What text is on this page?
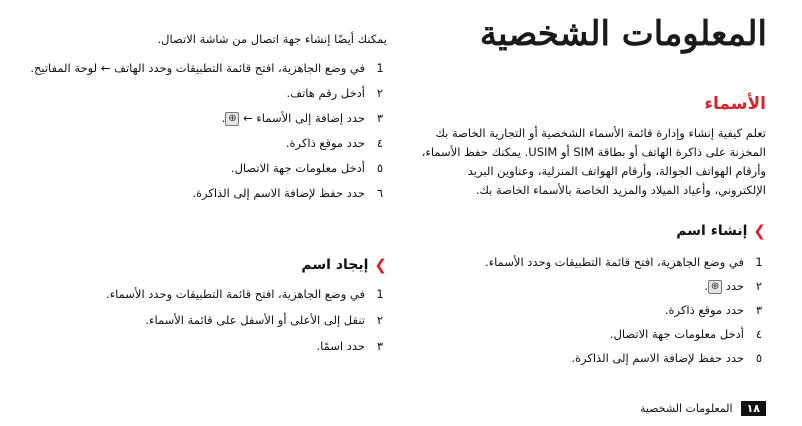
المعلومات الشخصية
الأسماء
تعلم كيفية إنشاء وإدارة قائمة الأسماء الشخصية أو التجارية الخاصة بك المخزنة على ذاكرة الهاتف أو بطاقة SIM أو USIM. يمكنك حفظ الأسماء، وأرقام الهواتف الجوالة، وأرقام الهواتف المنزلية، وعناوين البريد الإلكتروني، وأعياد الميلاد والمزيد الخاصة بالأسماء الخاصة بك.
❯
إنشاء اسم
1
في وضع الجاهزية، افتح قائمة التطبيقات وحدد الأسماء.
٢
حدد ⊕.
٣
حدد موقع ذاكرة.
٤
أدخل معلومات جهة الاتصال.
٥
حدد حفظ لإضافة الاسم إلى الذاكرة.
١٨
المعلومات الشخصية
يمكنك أيضًا إنشاء جهة اتصال من شاشة الاتصال.
1
في وضع الجاهزية، افتح قائمة التطبيقات وحدد الهاتف ← لوحة المفاتيح.
٢
أدخل رقم هاتف.
٣
حدد إضافة إلى الأسماء ← ⊕.
٤
حدد موقع ذاكرة.
٥
أدخل معلومات جهة الاتصال.
٦
حدد حفظ لإضافة الاسم إلى الذاكرة.
❯
إيجاد اسم
1
في وضع الجاهزية، افتح قائمة التطبيقات وحدد الأسماء.
٢
تنقل إلى الأعلى أو الأسفل على قائمة الأسماء.
٣
حدد اسمًا.
